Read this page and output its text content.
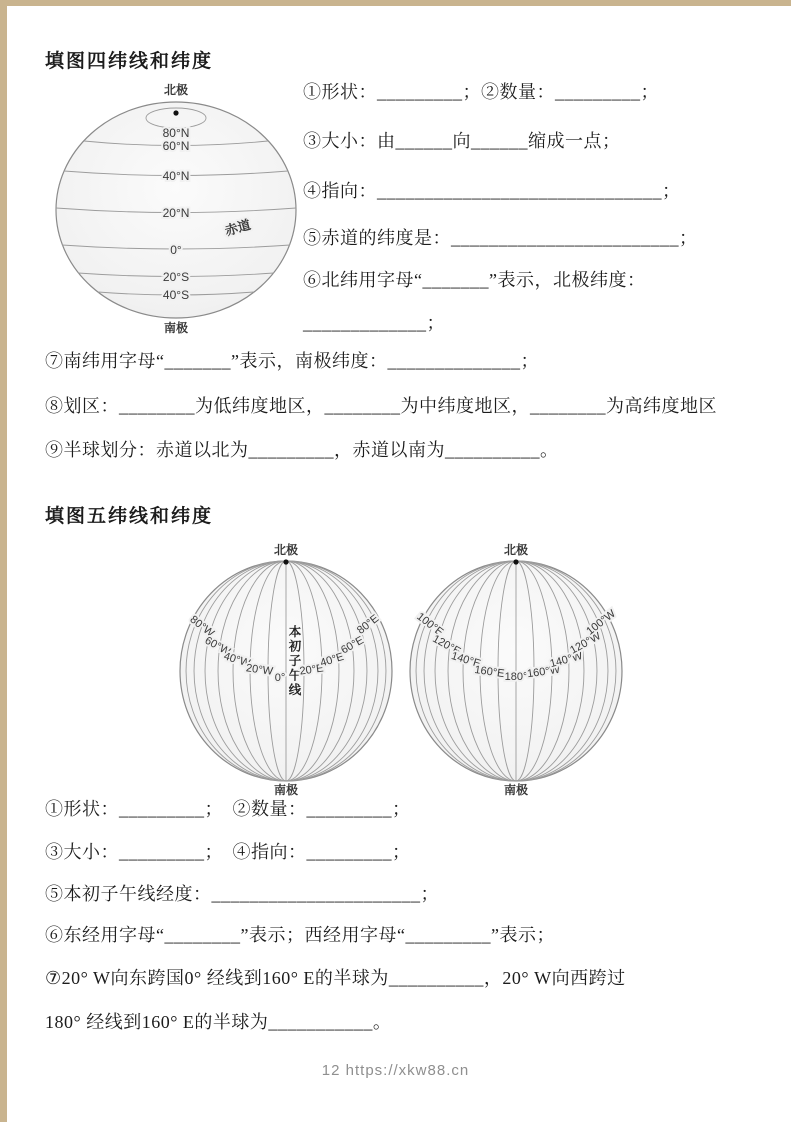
填图四纬线和纬度
北极
80°N
60°N
40°N
20°N
0°
20°S
40°S
赤道
南极
①形状：_________；②数量：_________；
③大小：由______向______缩成一点；
④指向：______________________________；
⑤赤道的纬度是：________________________；
⑥北纬用字母“_______”表示，北极纬度：
_____________；
⑦南纬用字母“_______”表示，南极纬度：______________；
⑧划区：________为低纬度地区，________为中纬度地区，________为高纬度地区
⑨半球划分：赤道以北为_________，赤道以南为__________。
填图五纬线和纬度
北极
本初子午线
80°W
60°W
40°W
20°W
0°
20°E
40°E
60°E
80°E
南极
北极
100°E
120°E
140°E
160°E 180°
160°W
140°W
120°W
100°W
南极
①形状：_________；　②数量：_________；
③大小：_________；　④指向：_________；
⑤本初子午线经度：______________________；
⑥东经用字母“________”表示；西经用字母“_________”表示；
⑦20° W向东跨国0° 经线到160° E的半球为__________，20° W向西跨过
180° 经线到160° E的半球为___________。
12 https://xkw88.cn
